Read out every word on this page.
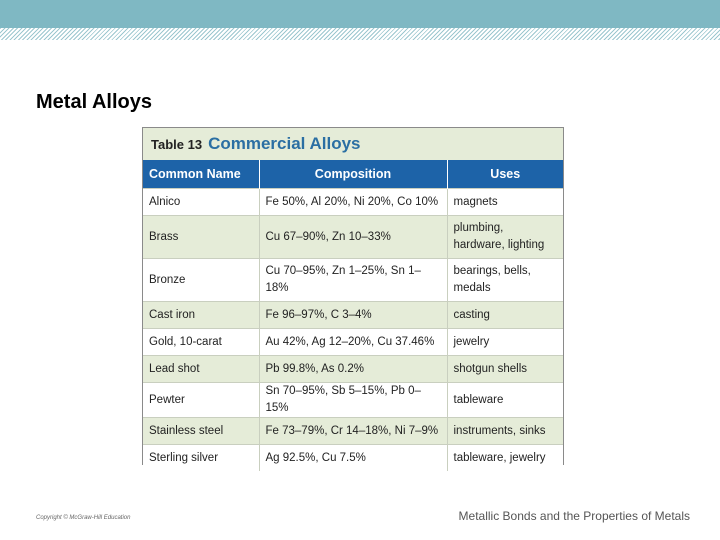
Metal Alloys
Table 13 Commercial Alloys
Common Name	Composition	Uses
Alnico	Fe 50%, Al 20%, Ni 20%, Co 10%	magnets
Brass	Cu 67–90%, Zn 10–33%	plumbing, hardware, lighting
Bronze	Cu 70–95%, Zn 1–25%, Sn 1–18%	bearings, bells, medals
Cast iron	Fe 96–97%, C 3–4%	casting
Gold, 10-carat	Au 42%, Ag 12–20%, Cu 37.46%	jewelry
Lead shot	Pb 99.8%, As 0.2%	shotgun shells
Pewter	Sn 70–95%, Sb 5–15%, Pb 0–15%	tableware
Stainless steel	Fe 73–79%, Cr 14–18%, Ni 7–9%	instruments, sinks
Sterling silver	Ag 92.5%, Cu 7.5%	tableware, jewelry
Copyright © McGraw-Hill Education	Metallic Bonds and the Properties of Metals
